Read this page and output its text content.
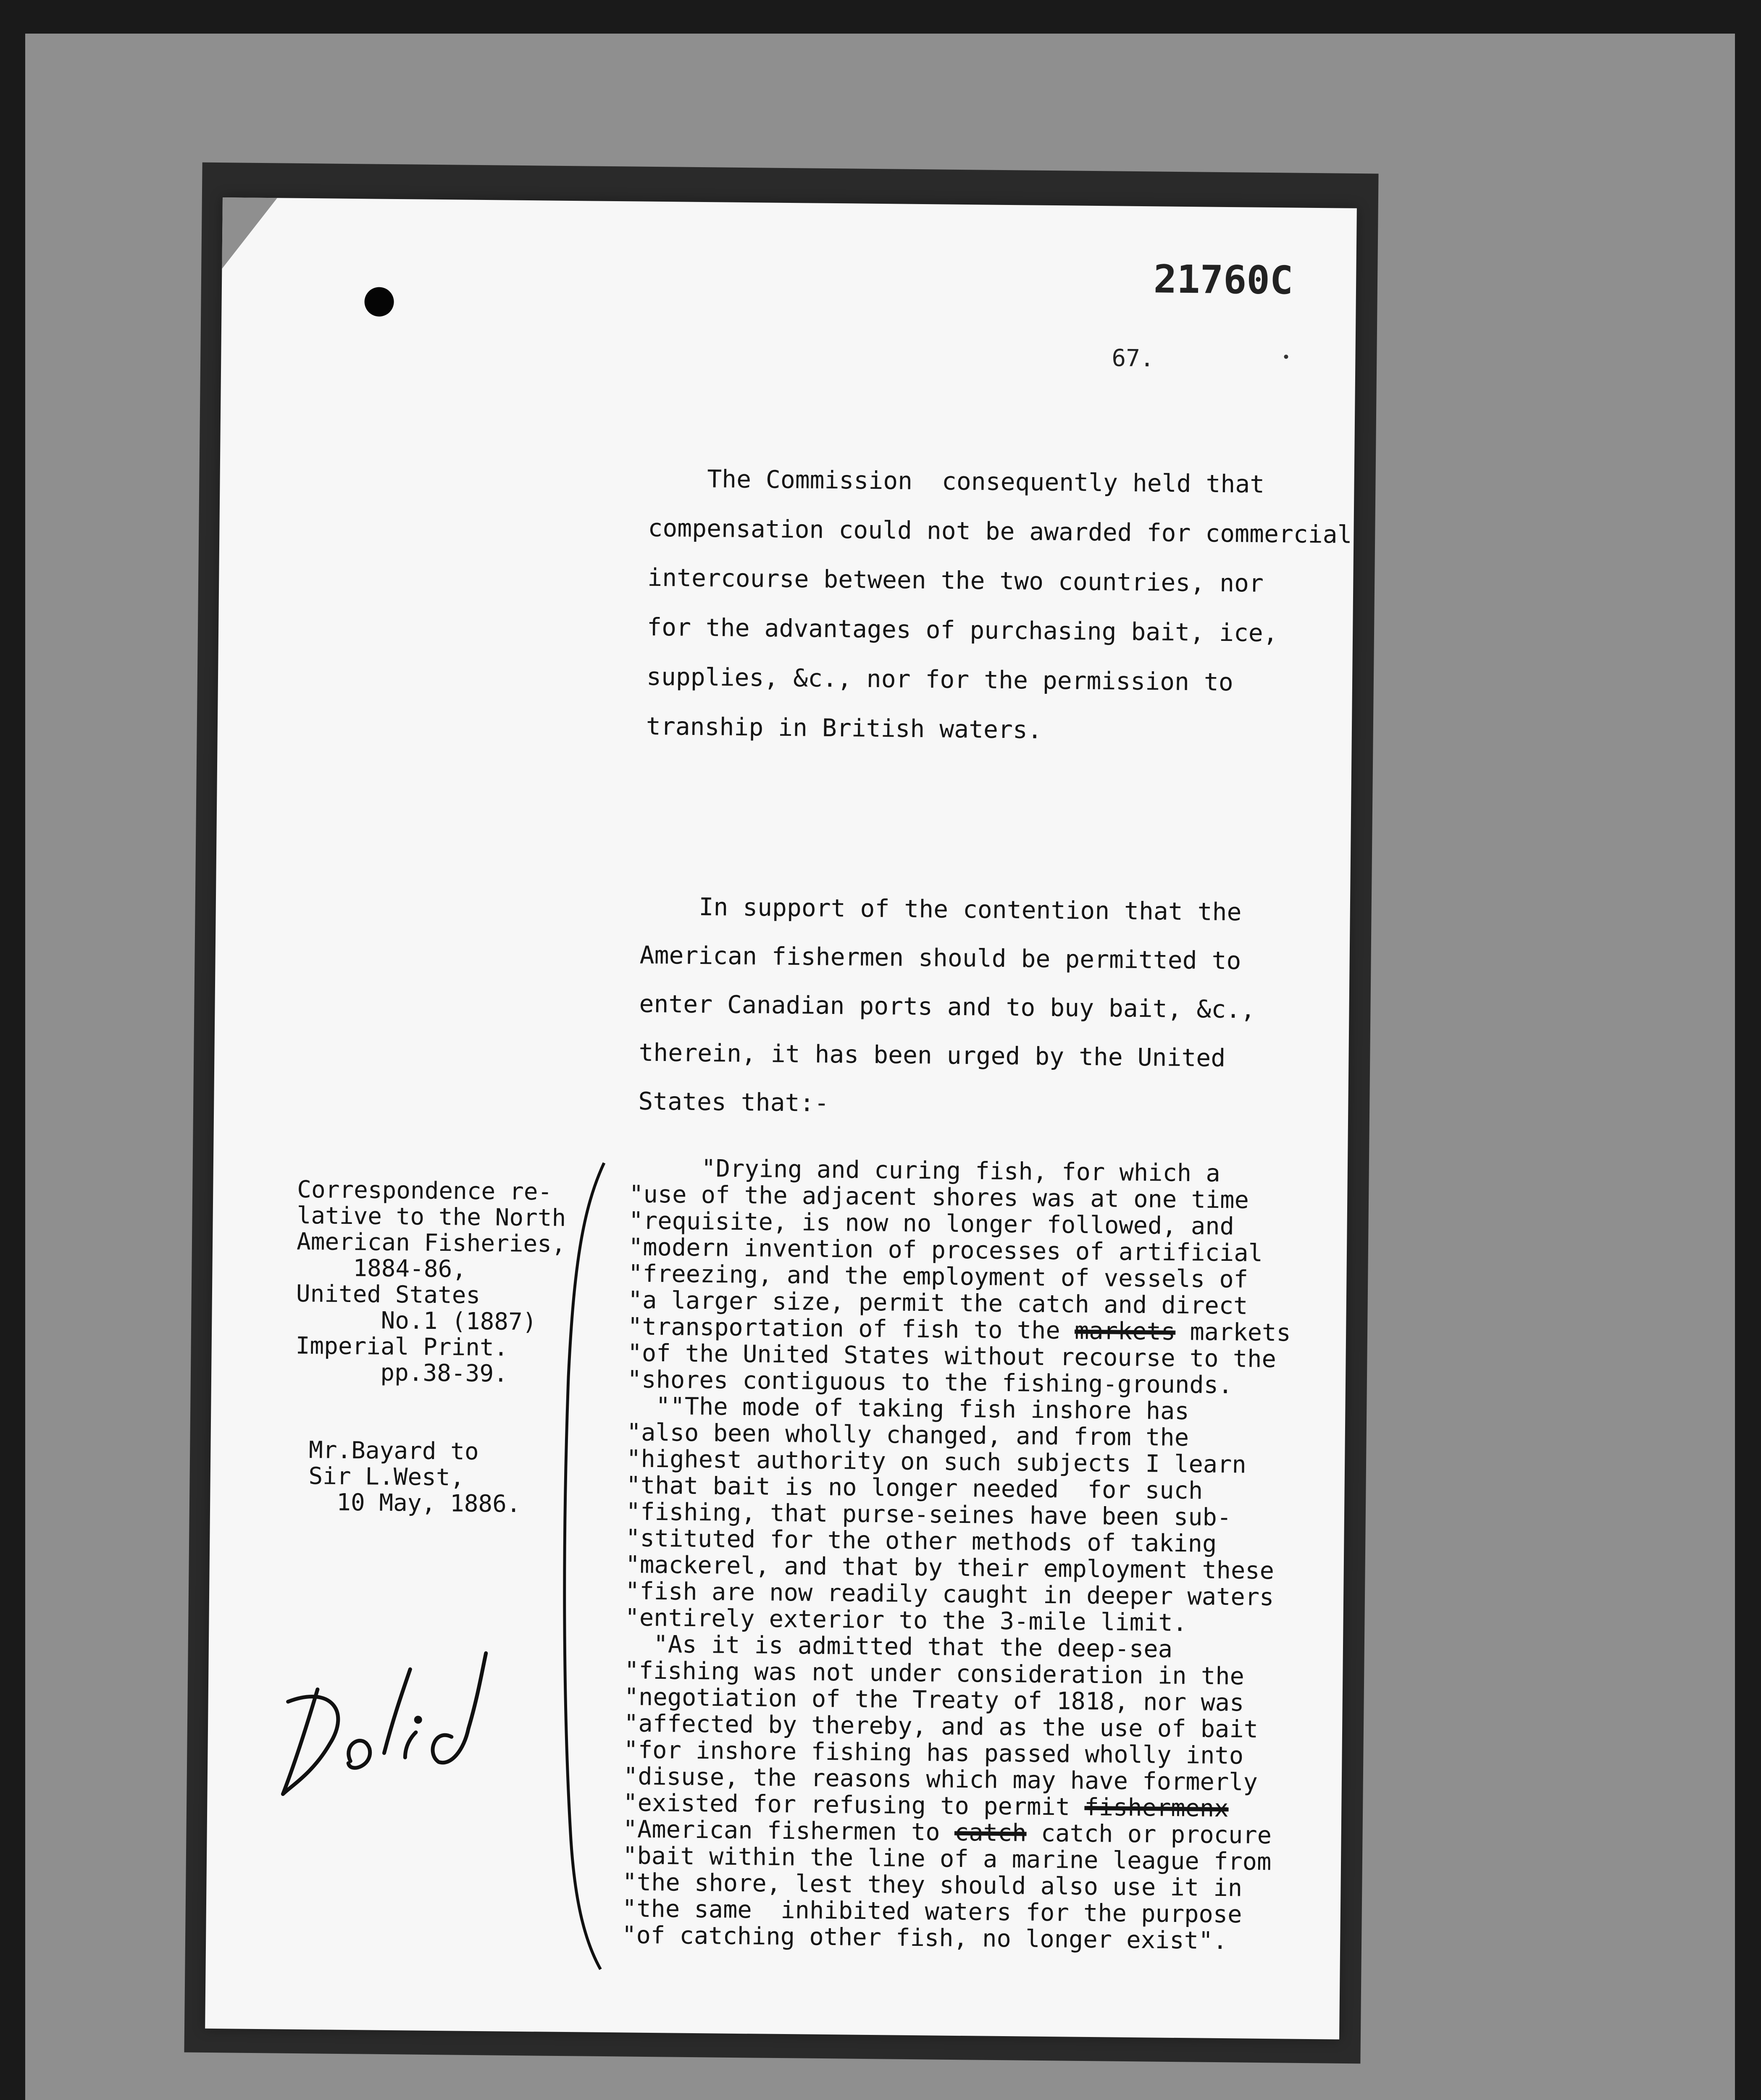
21760C
67.
The Commission  consequently held that
compensation could not be awarded for commercial
intercourse between the two countries, nor
for the advantages of purchasing bait, ice,
supplies, &c., nor for the permission to
tranship in British waters.
In support of the contention that the
American fishermen should be permitted to
enter Canadian ports and to buy bait, &c.,
therein, it has been urged by the United
States that:-
"Drying and curing fish, for which a
"use of the adjacent shores was at one time
"requisite, is now no longer followed, and
"modern invention of processes of artificial
"freezing, and the employment of vessels of
"a larger size, permit the catch and direct
"transportation of fish to the markets markets
"of the United States without recourse to the
"shores contiguous to the fishing-grounds.
""The mode of taking fish inshore has
"also been wholly changed, and from the
"highest authority on such subjects I learn
"that bait is no longer needed  for such
"fishing, that purse-seines have been sub-
"stituted for the other methods of taking
"mackerel, and that by their employment these
"fish are now readily caught in deeper waters
"entirely exterior to the 3-mile limit.
"As it is admitted that the deep-sea
"fishing was not under consideration in the
"negotiation of the Treaty of 1818, nor was
"affected by thereby, and as the use of bait
"for inshore fishing has passed wholly into
"disuse, the reasons which may have formerly
"existed for refusing to permit fishermenx
"American fishermen to catch catch or procure
"bait within the line of a marine league from
"the shore, lest they should also use it in
"the same  inhibited waters for the purpose
"of catching other fish, no longer exist".
Correspondence re-
lative to the North
American Fisheries,
1884-86,
United States
No.1 (1887)
Imperial Print.
pp.38-39.
Mr.Bayard to
Sir L.West,
10 May, 1886.
